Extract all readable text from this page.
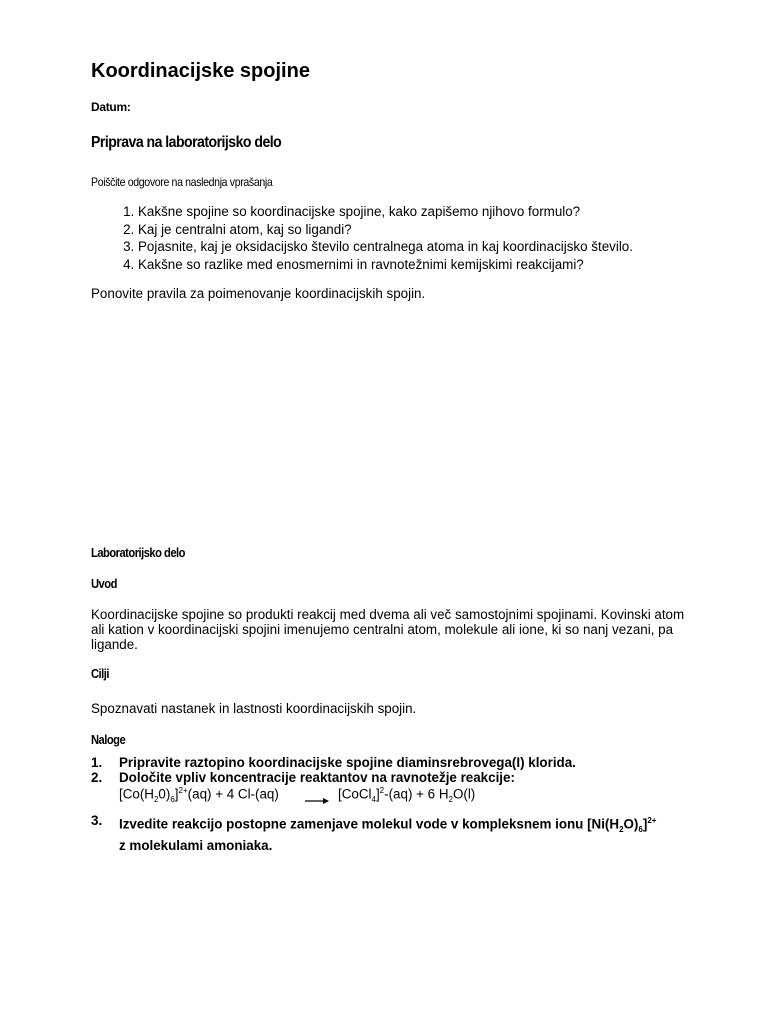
Koordinacijske spojine
Datum:
Priprava na laboratorijsko delo
Poiščite odgovore na naslednja vprašanja
1. Kakšne spojine so koordinacijske spojine, kako zapišemo njihovo formulo?
2. Kaj je centralni atom, kaj so ligandi?
3. Pojasnite, kaj je oksidacijsko število centralnega atoma in kaj koordinacijsko število.
4. Kakšne so razlike med enosmernimi in ravnotežnimi kemijskimi reakcijami?
Ponovite pravila za poimenovanje koordinacijskih spojin.
Laboratorijsko delo
Uvod
Koordinacijske spojine so produkti reakcij med dvema ali več samostojnimi spojinami. Kovinski atom ali kation v koordinacijski spojini imenujemo centralni atom, molekule ali ione, ki so nanj vezani, pa ligande.
Cilji
Spoznavati nastanek in lastnosti koordinacijskih spojin.
Naloge
1. Pripravite raztopino koordinacijske spojine diaminsrebrovega(I) klorida.
2. Določite vpliv koncentracije reaktantov na ravnotežje reakcije:
$[Co(H_20)_6]^{2+}(aq) + 4$ Cl-(aq) → [CoCl$_4$]$^2$-(aq) + 6 $H_2O(l)$
3. Izvedite reakcijo postopne zamenjave molekul vode v kompleksnem ionu $[Ni(H_2O)_6]^{2+}$
z molekulami amoniaka.
